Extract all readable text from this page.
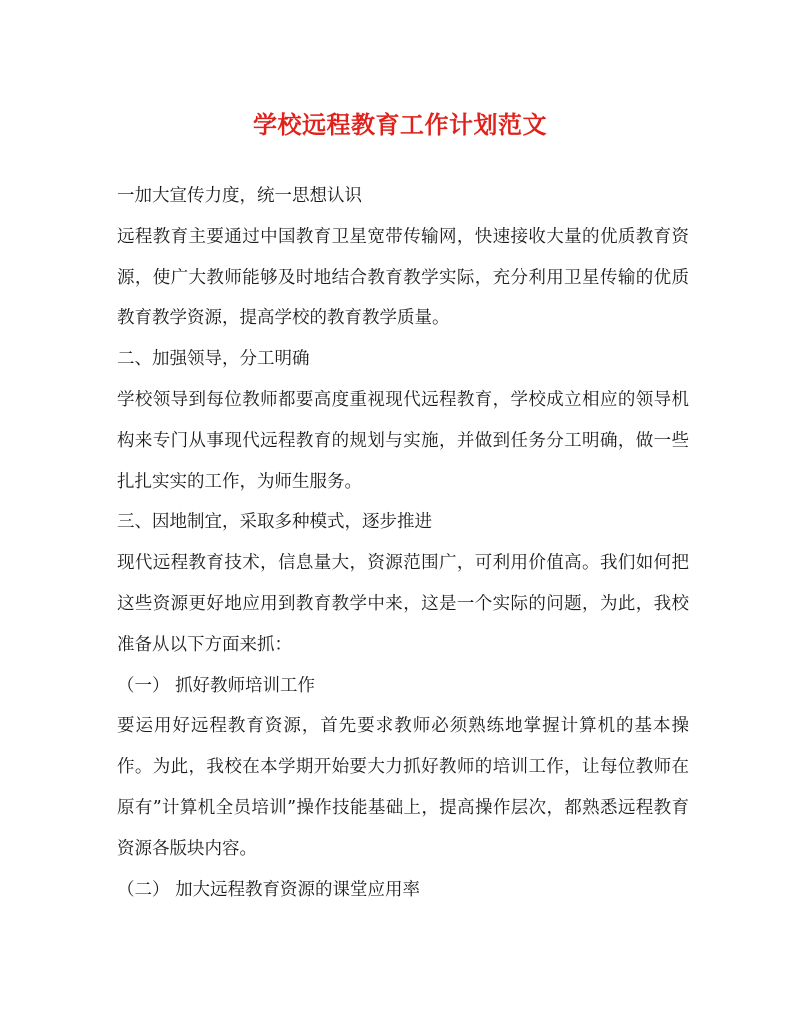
学校远程教育工作计划范文

一加大宣传力度，统一思想认识

远程教育主要通过中国教育卫星宽带传输网，快速接收大量的优质教育资源，使广大教师能够及时地结合教育教学实际，充分利用卫星传输的优质教育教学资源，提高学校的教育教学质量。

二、加强领导，分工明确

学校领导到每位教师都要高度重视现代远程教育，学校成立相应的领导机构来专门从事现代远程教育的规划与实施，并做到任务分工明确，做一些扎扎实实的工作，为师生服务。

三、因地制宜，采取多种模式，逐步推进

现代远程教育技术，信息量大，资源范围广，可利用价值高。我们如何把这些资源更好地应用到教育教学中来，这是一个实际的问题，为此，我校准备从以下方面来抓：

（一） 抓好教师培训工作

要运用好远程教育资源，首先要求教师必须熟练地掌握计算机的基本操作。为此，我校在本学期开始要大力抓好教师的培训工作，让每位教师在原有”计算机全员培训”操作技能基础上，提高操作层次，都熟悉远程教育资源各版块内容。

（二） 加大远程教育资源的课堂应用率
